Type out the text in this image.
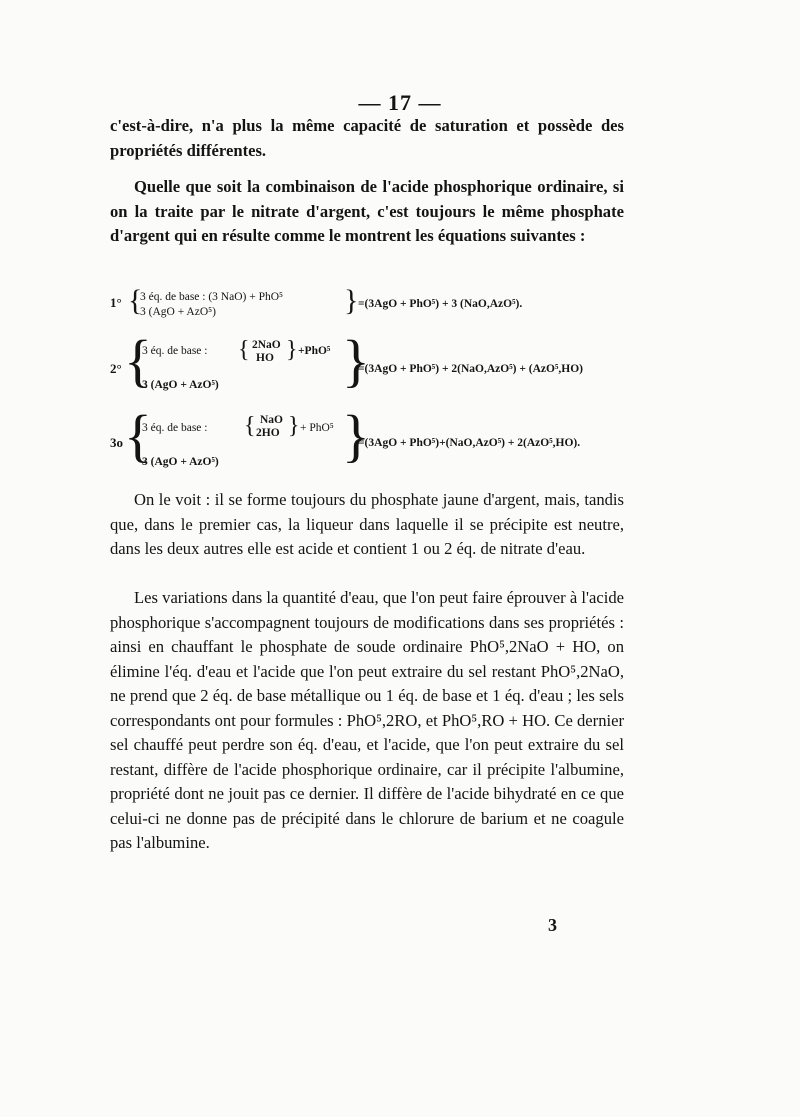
— 17 —

c'est-à-dire, n'a plus la même capacité de saturation et possède des propriétés différentes.

Quelle que soit la combinaison de l'acide phosphorique ordinaire, si on la traite par le nitrate d'argent, c'est toujours le même phosphate d'argent qui en résulte comme le montrent les équations suivantes :

1° {
3 éq. de base : (3 NaO) + PhO⁵
3 (AgO + AzO⁵)	} =(3AgO + PhO⁵) + 3 (NaO,AzO⁵).
2° {
3 éq. de base : { 2NaO
HO } +PhO⁵
3 (AgO + AzO⁵) }
=(3AgO + PhO⁵) + 2(NaO,AzO⁵) + (AzO⁵,HO)
3o {
3 éq. de base : { NaO
2HO } + PhO⁵
3 (AgO + AzO⁵) }
=(3AgO + PhO⁵)+(NaO,AzO⁵) + 2(AzO⁵,HO).

On le voit : il se forme toujours du phosphate jaune d'argent, mais, tandis que, dans le premier cas, la liqueur dans laquelle il se précipite est neutre, dans les deux autres elle est acide et contient 1 ou 2 éq. de nitrate d'eau.

Les variations dans la quantité d'eau, que l'on peut faire éprouver à l'acide phosphorique s'accompagnent toujours de modifications dans ses propriétés : ainsi en chauffant le phosphate de soude ordinaire PhO⁵,2NaO + HO, on élimine l'éq. d'eau et l'acide que l'on peut extraire du sel restant PhO⁵,2NaO, ne prend que 2 éq. de base métallique ou 1 éq. de base et 1 éq. d'eau ; les sels correspondants ont pour formules : PhO⁵,2RO, et PhO⁵,RO + HO. Ce dernier sel chauffé peut perdre son éq. d'eau, et l'acide, que l'on peut extraire du sel restant, diffère de l'acide phosphorique ordinaire, car il précipite l'albumine, propriété dont ne jouit pas ce dernier. Il diffère de l'acide bihydraté en ce que celui-ci ne donne pas de précipité dans le chlorure de barium et ne coagule pas l'albumine.

3
